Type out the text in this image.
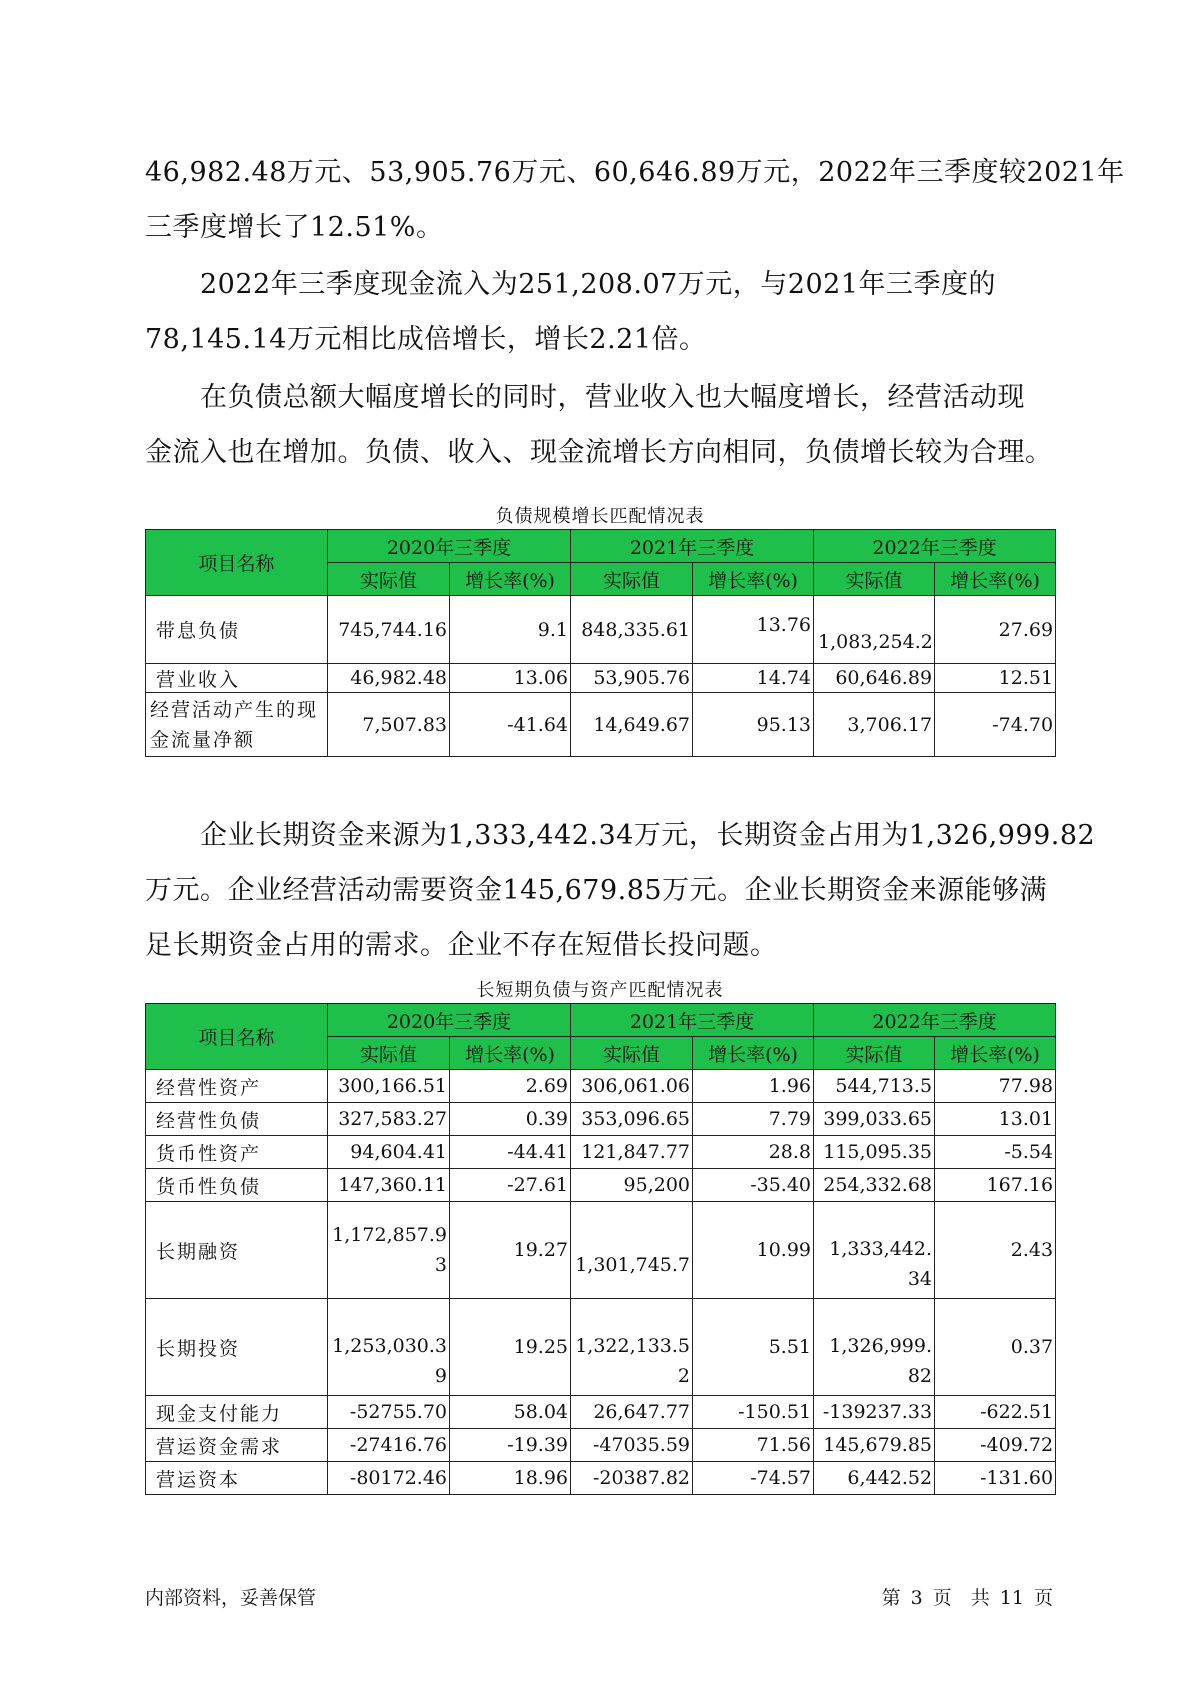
46,982.48万元、53,905.76万元、60,646.89万元，2022年三季度较2021年
三季度增长了12.51%。

　　2022年三季度现金流入为251,208.07万元，与2021年三季度的
78,145.14万元相比成倍增长，增长2.21倍。

　　在负债总额大幅度增长的同时，营业收入也大幅度增长，经营活动现
金流入也在增加。负债、收入、现金流增长方向相同，负债增长较为合理。

负债规模增长匹配情况表
项目名称	2020年三季度		2021年三季度		2022年三季度	
	实际值	增长率(%)	实际值	增长率(%)	实际值	增长率(%)
带息负债	745,744.16	9.1	848,335.61	13.76	1,083,254.2	27.69
营业收入	46,982.48	13.06	53,905.76	14.74	60,646.89	12.51
经营活动产生的现金流量净额	7,507.83	-41.64	14,649.67	95.13	3,706.17	-74.70

　　企业长期资金来源为1,333,442.34万元，长期资金占用为1,326,999.82
万元。企业经营活动需要资金145,679.85万元。企业长期资金来源能够满
足长期资金占用的需求。企业不存在短借长投问题。

长短期负债与资产匹配情况表
项目名称	2020年三季度		2021年三季度		2022年三季度	
	实际值	增长率(%)	实际值	增长率(%)	实际值	增长率(%)
经营性资产	300,166.51	2.69	306,061.06	1.96	544,713.5	77.98
经营性负债	327,583.27	0.39	353,096.65	7.79	399,033.65	13.01
货币性资产	94,604.41	-44.41	121,847.77	28.8	115,095.35	-5.54
货币性负债	147,360.11	-27.61	95,200	-35.40	254,332.68	167.16
长期融资	1,172,857.93	19.27	1,301,745.7	10.99	1,333,442.34	2.43
长期投资	1,253,030.39	19.25	1,322,133.52	5.51	1,326,999.82	0.37
现金支付能力	-52755.70	58.04	26,647.77	-150.51	-139237.33	-622.51
营运资金需求	-27416.76	-19.39	-47035.59	71.56	145,679.85	-409.72
营运资本	-80172.46	18.96	-20387.82	-74.57	6,442.52	-131.60
内部资料，妥善保管	第 3 页　共 11 页
